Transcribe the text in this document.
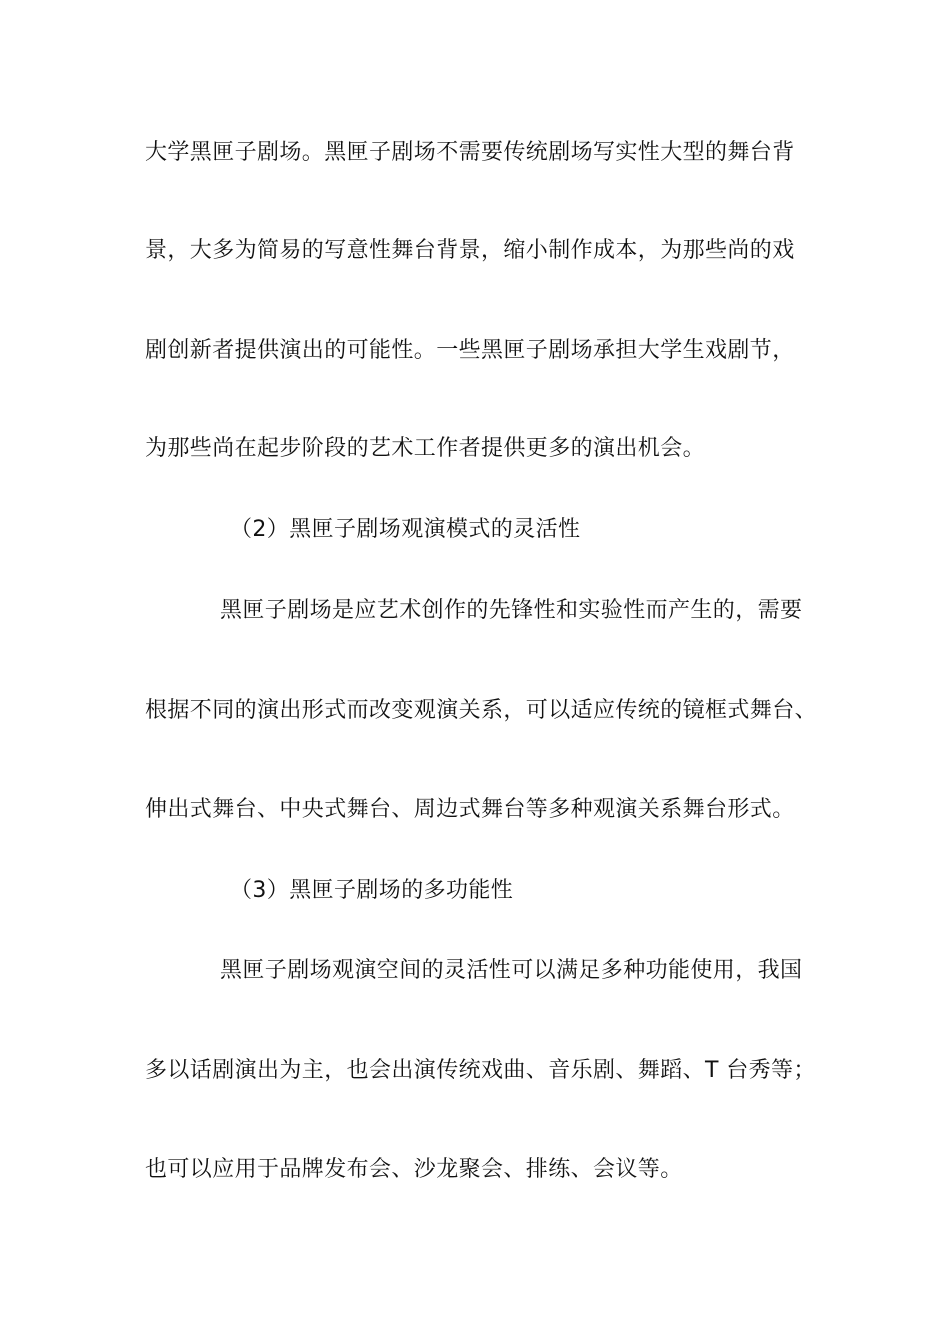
大学黑匣子剧场。黑匣子剧场不需要传统剧场写实性大型的舞台背
景，大多为简易的写意性舞台背景，缩小制作成本，为那些尚的戏
剧创新者提供演出的可能性。一些黑匣子剧场承担大学生戏剧节，
为那些尚在起步阶段的艺术工作者提供更多的演出机会。
（2）黑匣子剧场观演模式的灵活性
黑匣子剧场是应艺术创作的先锋性和实验性而产生的，需要
根据不同的演出形式而改变观演关系，可以适应传统的镜框式舞台、
伸出式舞台、中央式舞台、周边式舞台等多种观演关系舞台形式。
（3）黑匣子剧场的多功能性
黑匣子剧场观演空间的灵活性可以满足多种功能使用，我国
多以话剧演出为主，也会出演传统戏曲、音乐剧、舞蹈、T 台秀等；
也可以应用于品牌发布会、沙龙聚会、排练、会议等。
